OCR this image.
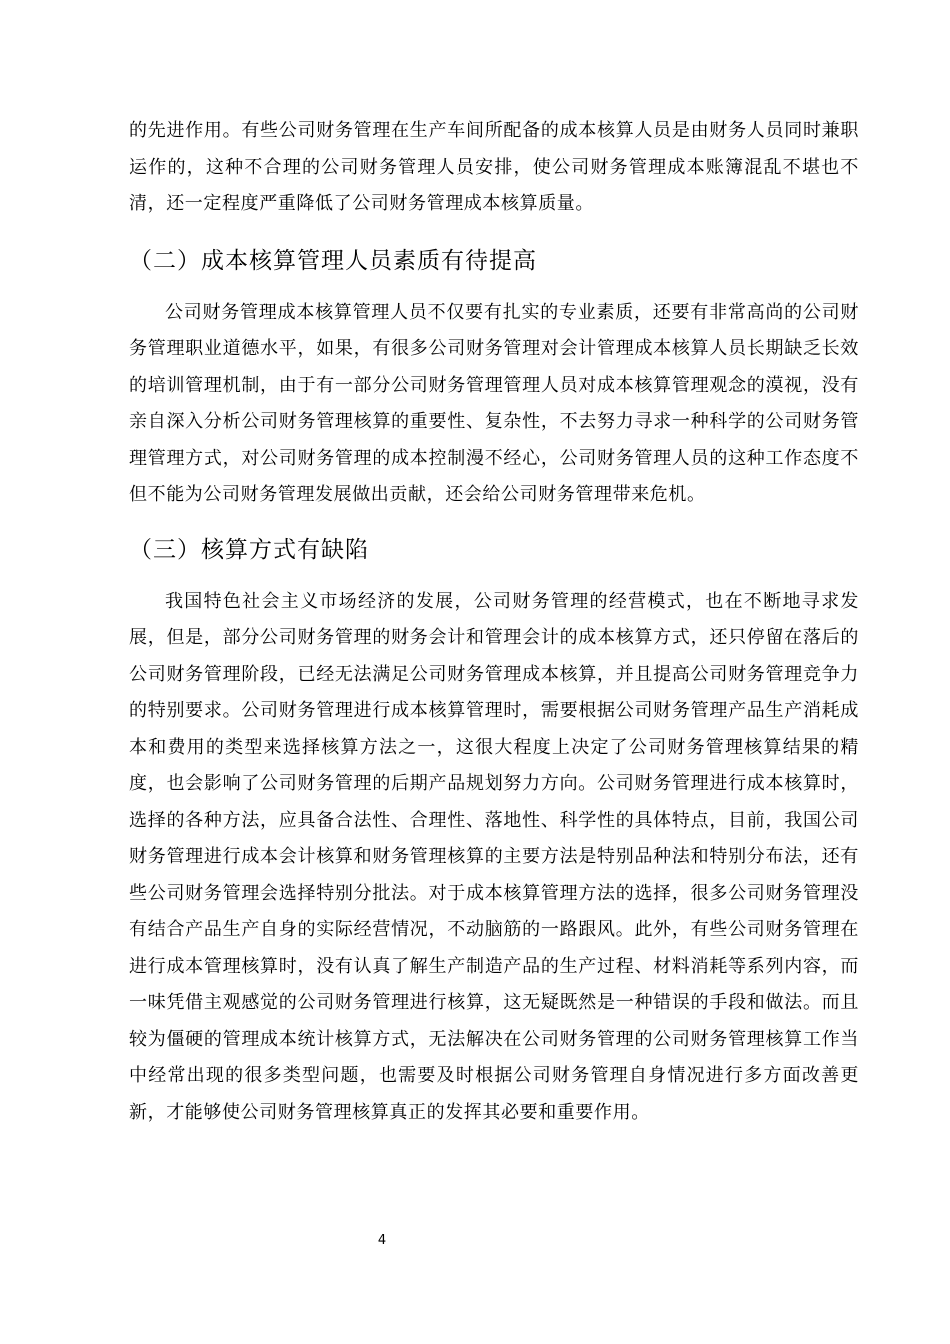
的先进作用。有些公司财务管理在生产车间所配备的成本核算人员是由财务人员同时兼职运作的，这种不合理的公司财务管理人员安排，使公司财务管理成本账簿混乱不堪也不清，还一定程度严重降低了公司财务管理成本核算质量。

（二）成本核算管理人员素质有待提高

公司财务管理成本核算管理人员不仅要有扎实的专业素质，还要有非常高尚的公司财务管理职业道德水平，如果，有很多公司财务管理对会计管理成本核算人员长期缺乏长效的培训管理机制，由于有一部分公司财务管理管理人员对成本核算管理观念的漠视，没有亲自深入分析公司财务管理核算的重要性、复杂性，不去努力寻求一种科学的公司财务管理管理方式，对公司财务管理的成本控制漫不经心，公司财务管理人员的这种工作态度不但不能为公司财务管理发展做出贡献，还会给公司财务管理带来危机。

（三）核算方式有缺陷

我国特色社会主义市场经济的发展，公司财务管理的经营模式，也在不断地寻求发展，但是，部分公司财务管理的财务会计和管理会计的成本核算方式，还只停留在落后的公司财务管理阶段，已经无法满足公司财务管理成本核算，并且提高公司财务管理竞争力的特别要求。公司财务管理进行成本核算管理时，需要根据公司财务管理产品生产消耗成本和费用的类型来选择核算方法之一，这很大程度上决定了公司财务管理核算结果的精度，也会影响了公司财务管理的后期产品规划努力方向。公司财务管理进行成本核算时，选择的各种方法，应具备合法性、合理性、落地性、科学性的具体特点，目前，我国公司财务管理进行成本会计核算和财务管理核算的主要方法是特别品种法和特别分布法，还有些公司财务管理会选择特别分批法。对于成本核算管理方法的选择，很多公司财务管理没有结合产品生产自身的实际经营情况，不动脑筋的一路跟风。此外，有些公司财务管理在进行成本管理核算时，没有认真了解生产制造产品的生产过程、材料消耗等系列内容，而一味凭借主观感觉的公司财务管理进行核算，这无疑既然是一种错误的手段和做法。而且较为僵硬的管理成本统计核算方式，无法解决在公司财务管理的公司财务管理核算工作当中经常出现的很多类型问题，也需要及时根据公司财务管理自身情况进行多方面改善更新，才能够使公司财务管理核算真正的发挥其必要和重要作用。

4
